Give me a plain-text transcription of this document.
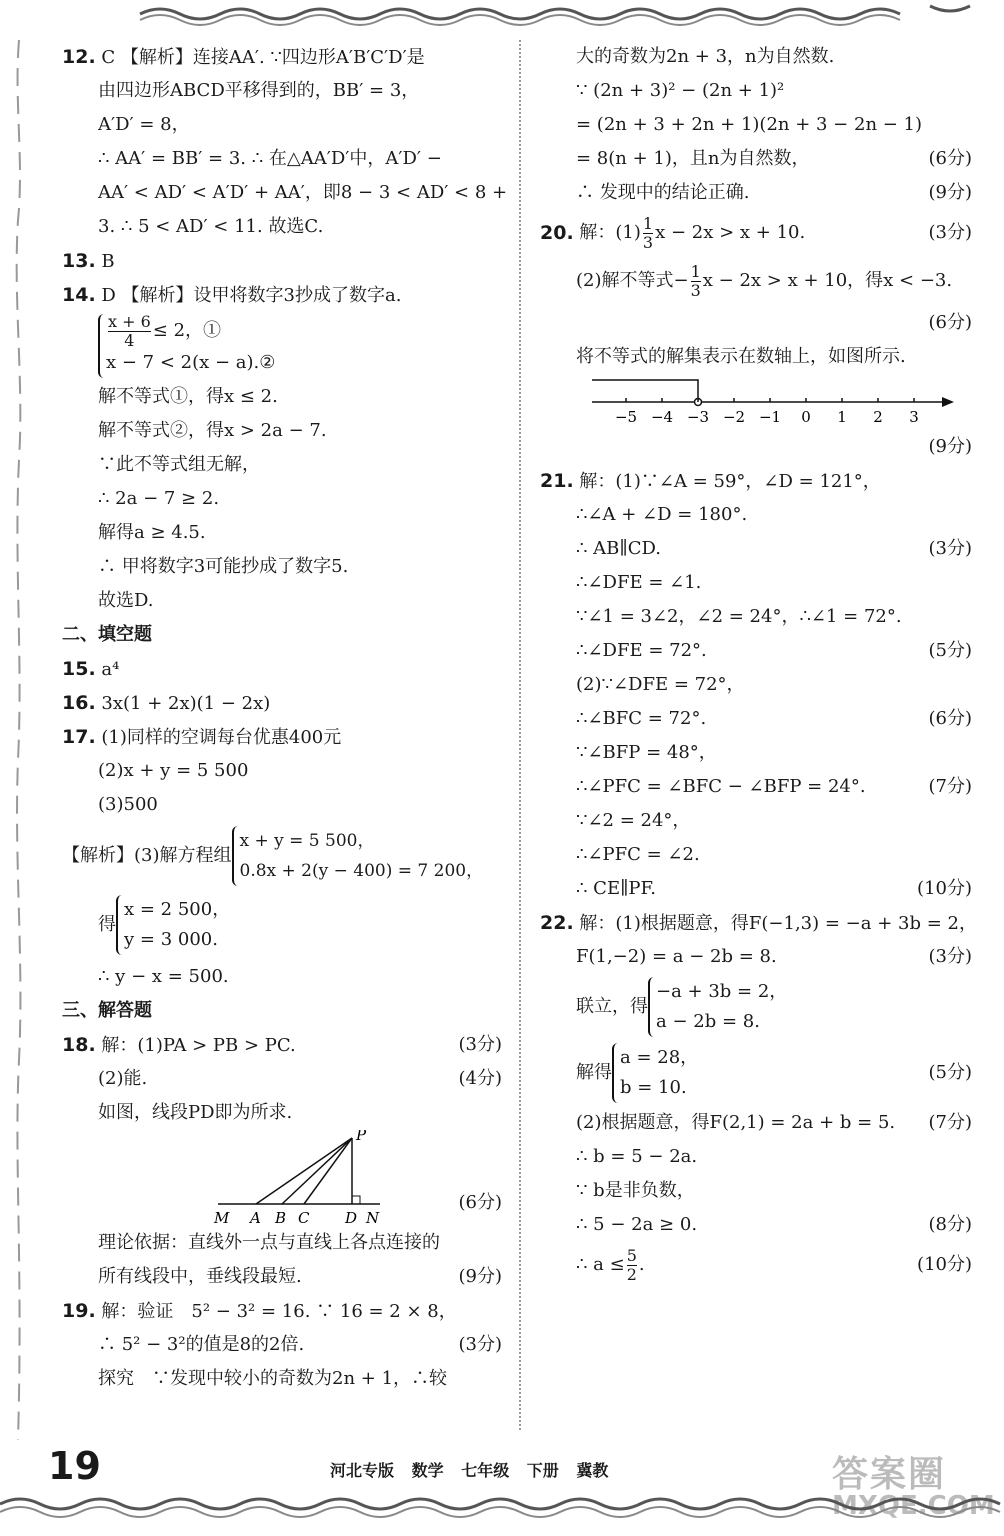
12. C 【解析】连接AA′. ∵四边形A′B′C′D′是
由四边形ABCD平移得到的，BB′ = 3，
A′D′ = 8，
∴ AA′ = BB′ = 3. ∴ 在△AA′D′中，A′D′ −
AA′ < AD′ < A′D′ + AA′，即8 − 3 < AD′ < 8 +
3. ∴ 5 < AD′ < 11. 故选C.
13. B
14. D 【解析】设甲将数字3抄成了数字a.
$\frac{x + 6}{4} \le 2$，①
x − 7 < 2(x − a).②
解不等式①，得x ≤ 2.
解不等式②，得x > 2a − 7.
∵此不等式组无解，
∴ 2a − 7 ≥ 2.
解得a ≥ 4.5.
∴ 甲将数字3可能抄成了数字5.
故选D.
二、填空题
15. a⁴
16. 3x(1 + 2x)(1 − 2x)
17. (1)同样的空调每台优惠400元
(2)x + y = 5 500
(3)500
【解析】(3)解方程组
x + y = 5 500，
0.8x + 2(y − 400) = 7 200，
得
x = 2 500，
y = 3 000.
∴ y − x = 500.
三、解答题
18. 解：(1)PA > PB > PC.	(3分)
(2)能.	(4分)
如图，线段PD即为所求.
P
M A B C D N
(6分)
理论依据：直线外一点与直线上各点连接的
所有线段中，垂线段最短.	(9分)
19. 解：验证　5² − 3² = 16. ∵ 16 = 2 × 8，
∴ 5² − 3²的值是8的2倍.	(3分)
探究　∵发现中较小的奇数为2n + 1，∴较
大的奇数为2n + 3，n为自然数.
∵ (2n + 3)² − (2n + 1)²
= (2n + 3 + 2n + 1)(2n + 3 − 2n − 1)
= 8(n + 1)，且n为自然数，	(6分)
∴ 发现中的结论正确.	(9分)
20.
解：$(1) \frac{1}{3}$ x − 2x > x + 10.	(3分)
(2)解不等式− $\frac{1}{3}$ x − 2x > x + 10，得x < −3.
(6分)
将不等式的解集表示在数轴上，如图所示.
−5 −4 −3 −2 −1 0 1 2 3
(9分)
21. 解：(1)∵∠A = 59°，∠D = 121°，
∴∠A + ∠D = 180°.
∴ AB∥CD.	(3分)
∴∠DFE = ∠1.
∵∠1 = 3∠2，∠2 = 24°，∴∠1 = 72°.
∴∠DFE = 72°.	(5分)
(2)∵∠DFE = 72°，
∴∠BFC = 72°.	(6分)
∵∠BFP = 48°，
∴∠PFC = ∠BFC − ∠BFP = 24°.	(7分)
∵∠2 = 24°，
∴∠PFC = ∠2.
∴ CE∥PF.	(10分)
22. 解：(1)根据题意，得F(−1,3) = −a + 3b = 2，
F(1,−2) = a − 2b = 8.	(3分)
联立，得
−a + 3b = 2，
a − 2b = 8.
解得
a = 28，
b = 10.
(5分)
(2)根据题意，得F(2,1) = 2a + b = 5. (7分)
∴ b = 5 − 2a.
∵ b是非负数，
∴ 5 − 2a ≥ 0.	(8分)
∴ $a \le \frac{5}{2}$ .	(10分)
19	河北专版 数学 七年级 下册 冀教	答案圈
MXQE.COM
